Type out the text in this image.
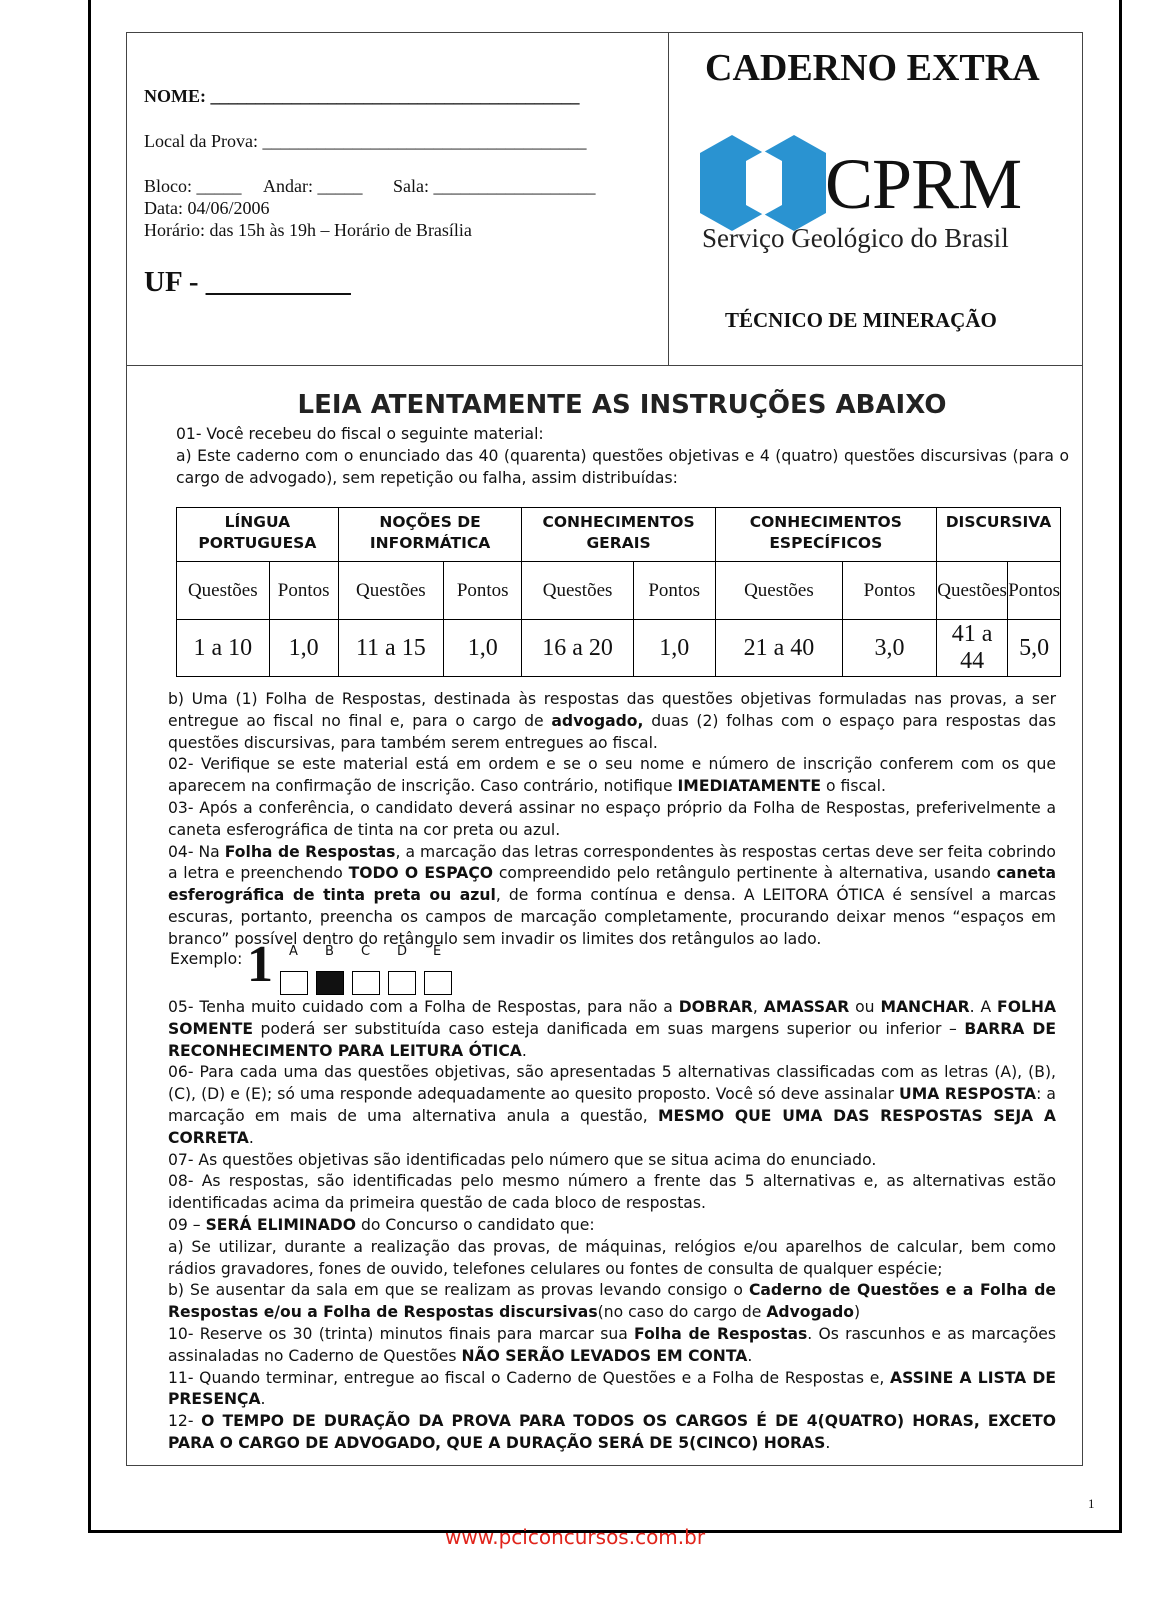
NOME: _________________________________________
Local da Prova: ____________________________________
Bloco: _____ Andar: _____ Sala: __________________
Data: 04/06/2006
Horário: das 15h às 19h – Horário de Brasília
UF - __________
CADERNO EXTRA
CPRM
Serviço Geológico do Brasil
TÉCNICO DE MINERAÇÃO
LEIA ATENTAMENTE AS INSTRUÇÕES ABAIXO

01- Você recebeu do fiscal o seguinte material:

a) Este caderno com o enunciado das 40 (quarenta) questões objetivas e 4 (quatro) questões discursivas (para o cargo de advogado), sem repetição ou falha, assim distribuídas:

LÍNGUA PORTUGUESA		NOÇÕES DE INFORMÁTICA		CONHECIMENTOS GERAIS		CONHECIMENTOS ESPECÍFICOS		DISCURSIVA	
Questões	Pontos	Questões	Pontos	Questões	Pontos	Questões	Pontos	Questões	Pontos
1 a 10	1,0	11 a 15	1,0	16 a 20	1,0	21 a 40	3,0	41 a 44	5,0

b) Uma (1) Folha de Respostas, destinada às respostas das questões objetivas formuladas nas provas, a ser entregue ao fiscal no final e, para o cargo de advogado, duas (2) folhas com o espaço para respostas das questões discursivas, para também serem entregues ao fiscal.

02- Verifique se este material está em ordem e se o seu nome e número de inscrição conferem com os que aparecem na confirmação de inscrição. Caso contrário, notifique IMEDIATAMENTE o fiscal.

03- Após a conferência, o candidato deverá assinar no espaço próprio da Folha de Respostas, preferivelmente a caneta esferográfica de tinta na cor preta ou azul.

04- Na Folha de Respostas, a marcação das letras correspondentes às respostas certas deve ser feita cobrindo a letra e preenchendo TODO O ESPAÇO compreendido pelo retângulo pertinente à alternativa, usando caneta esferográfica de tinta preta ou azul, de forma contínua e densa. A LEITORA ÓTICA é sensível a marcas escuras, portanto, preencha os campos de marcação completamente, procurando deixar menos “espaços em branco” possível dentro do retângulo sem invadir os limites dos retângulos ao lado.

Exemplo: 1 A B C D E

05- Tenha muito cuidado com a Folha de Respostas, para não a DOBRAR, AMASSAR ou MANCHAR. A FOLHA SOMENTE poderá ser substituída caso esteja danificada em suas margens superior ou inferior – BARRA DE RECONHECIMENTO PARA LEITURA ÓTICA.

06- Para cada uma das questões objetivas, são apresentadas 5 alternativas classificadas com as letras (A), (B), (C), (D) e (E); só uma responde adequadamente ao quesito proposto. Você só deve assinalar UMA RESPOSTA: a marcação em mais de uma alternativa anula a questão, MESMO QUE UMA DAS RESPOSTAS SEJA A CORRETA.

07- As questões objetivas são identificadas pelo número que se situa acima do enunciado.

08- As respostas, são identificadas pelo mesmo número a frente das 5 alternativas e, as alternativas estão identificadas acima da primeira questão de cada bloco de respostas.

09 – SERÁ ELIMINADO do Concurso o candidato que:

a) Se utilizar, durante a realização das provas, de máquinas, relógios e/ou aparelhos de calcular, bem como rádios gravadores, fones de ouvido, telefones celulares ou fontes de consulta de qualquer espécie;

b) Se ausentar da sala em que se realizam as provas levando consigo o Caderno de Questões e a Folha de Respostas e/ou a Folha de Respostas discursivas(no caso do cargo de Advogado)

10- Reserve os 30 (trinta) minutos finais para marcar sua Folha de Respostas. Os rascunhos e as marcações assinaladas no Caderno de Questões NÃO SERÃO LEVADOS EM CONTA.

11- Quando terminar, entregue ao fiscal o Caderno de Questões e a Folha de Respostas e, ASSINE A LISTA DE PRESENÇA.

12- O TEMPO DE DURAÇÃO DA PROVA PARA TODOS OS CARGOS É DE 4(QUATRO) HORAS, EXCETO PARA O CARGO DE ADVOGADO, QUE A DURAÇÃO SERÁ DE 5(CINCO) HORAS.

1
www.pciconcursos.com.br
